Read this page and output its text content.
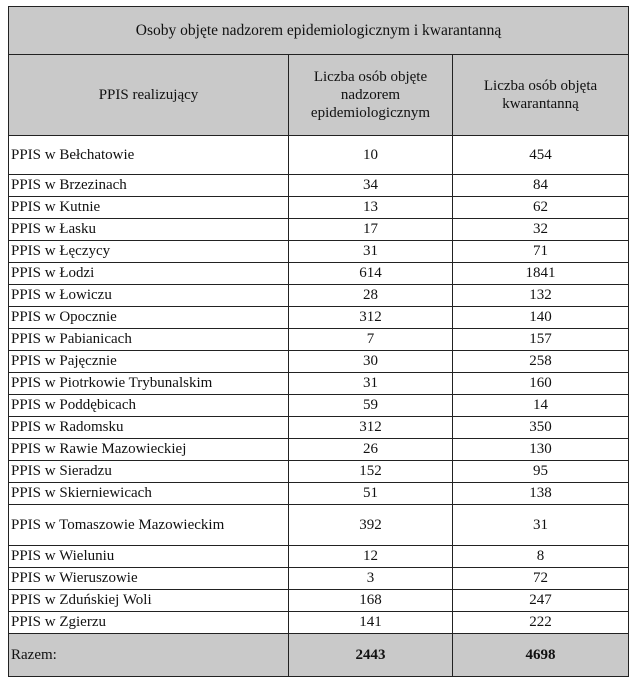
Osoby objęte nadzorem epidemiologicznym i kwarantanną		
PPIS realizujący	Liczba osób objęte nadzorem epidemiologicznym	Liczba osób objęta kwarantanną
PPIS w Bełchatowie	10	454
PPIS w Brzezinach	34	84
PPIS w Kutnie	13	62
PPIS w Łasku	17	32
PPIS w Łęczycy	31	71
PPIS w Łodzi	614	1841
PPIS w Łowiczu	28	132
PPIS w Opocznie	312	140
PPIS w Pabianicach	7	157
PPIS w Pajęcznie	30	258
PPIS w Piotrkowie Trybunalskim	31	160
PPIS w Poddębicach	59	14
PPIS w Radomsku	312	350
PPIS w Rawie Mazowieckiej	26	130
PPIS w Sieradzu	152	95
PPIS w Skierniewicach	51	138
PPIS w Tomaszowie Mazowieckim	392	31
PPIS w Wieluniu	12	8
PPIS w Wieruszowie	3	72
PPIS w Zduńskiej Woli	168	247
PPIS w Zgierzu	141	222
Razem:	2443	4698
